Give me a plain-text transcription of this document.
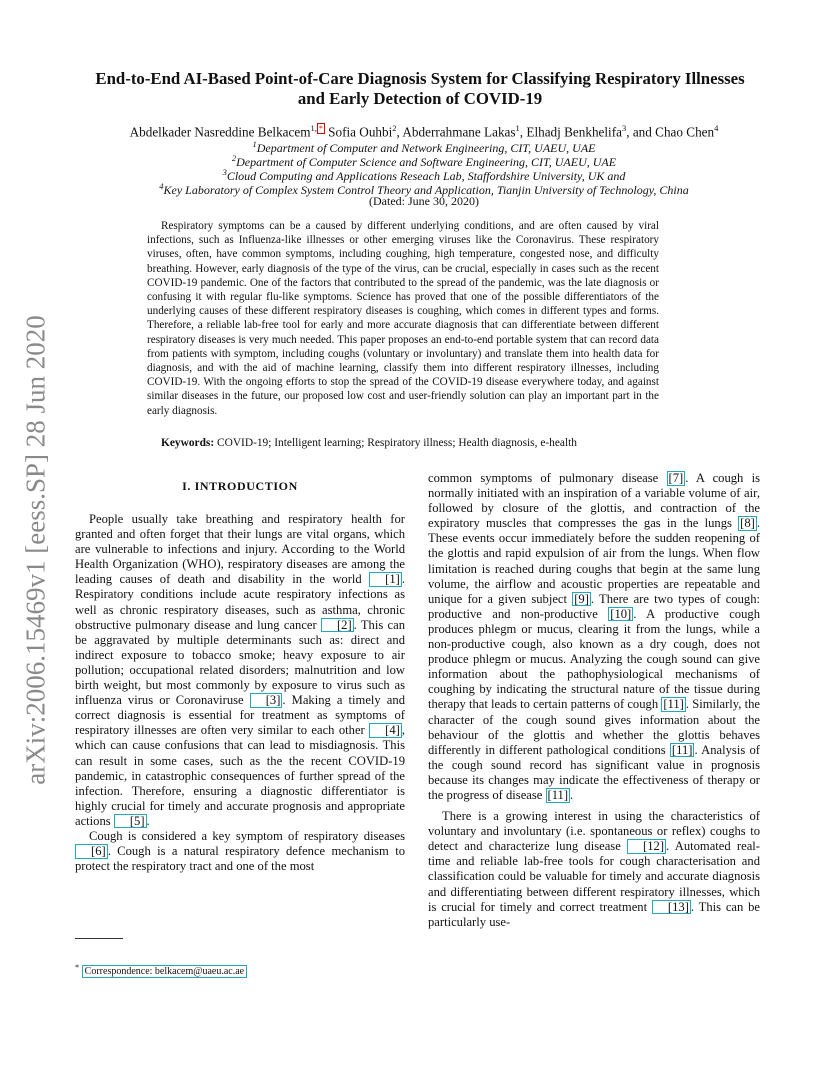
arXiv:2006.15469v1 [eess.SP] 28 Jun 2020
End-to-End AI-Based Point-of-Care Diagnosis System for Classifying Respiratory Illnesses and Early Detection of COVID-19
Abdelkader Nasreddine Belkacem$^{1,}$ * Sofia Ouhbi$^2$, Abderrahmane Lakas$^1$, Elhadj Benkhelifa$^3$, and Chao Chen$^4$
$^1$Department of Computer and Network Engineering, CIT, UAEU, UAE
$^2$Department of Computer Science and Software Engineering, CIT, UAEU, UAE
$^3$Cloud Computing and Applications Reseach Lab, Staffordshire University, UK and
$^4$Key Laboratory of Complex System Control Theory and Application, Tianjin University of Technology, China
(Dated: June 30, 2020)
Respiratory symptoms can be a caused by different underlying conditions, and are often caused by viral infections, such as Influenza-like illnesses or other emerging viruses like the Coronavirus. These respiratory viruses, often, have common symptoms, including coughing, high temperature, congested nose, and difficulty breathing. However, early diagnosis of the type of the virus, can be crucial, especially in cases such as the recent COVID-19 pandemic. One of the factors that contributed to the spread of the pandemic, was the late diagnosis or confusing it with regular flu-like symptoms. Science has proved that one of the possible differentiators of the underlying causes of these different respiratory diseases is coughing, which comes in different types and forms. Therefore, a reliable lab-free tool for early and more accurate diagnosis that can differentiate between different respiratory diseases is very much needed. This paper proposes an end-to-end portable system that can record data from patients with symptom, including coughs (voluntary or involuntary) and translate them into health data for diagnosis, and with the aid of machine learning, classify them into different respiratory illnesses, including COVID-19. With the ongoing efforts to stop the spread of the COVID-19 disease everywhere today, and against similar diseases in the future, our proposed low cost and user-friendly solution can play an important part in the early diagnosis.
Keywords: COVID-19; Intelligent learning; Respiratory illness; Health diagnosis, e-health
I. INTRODUCTION

People usually take breathing and respiratory health for granted and often forget that their lungs are vital organs, which are vulnerable to infections and injury. According to the World Health Organization (WHO), respiratory diseases are among the leading causes of death and disability in the world [1] . Respiratory conditions include acute respiratory infections as well as chronic respiratory diseases, such as asthma, chronic obstructive pulmonary disease and lung cancer [2] . This can be aggravated by multiple determinants such as: direct and indirect exposure to tobacco smoke; heavy exposure to air pollution; occupational related disorders; malnutrition and low birth weight, but most commonly by exposure to virus such as influenza virus or Coronaviruse [3] . Making a timely and correct diagnosis is essential for treatment as symptoms of respiratory illnesses are often very similar to each other [4] , which can cause confusions that can lead to misdiagnosis. This can result in some cases, such as the the recent COVID-19 pandemic, in catastrophic consequences of further spread of the infection. Therefore, ensuring a diagnostic differentiator is highly crucial for timely and accurate prognosis and appropriate actions [5] .

Cough is considered a key symptom of respiratory diseases [6] . Cough is a natural respiratory defence mechanism to protect the respiratory tract and one of the most

common symptoms of pulmonary disease [7] . A cough is normally initiated with an inspiration of a variable volume of air, followed by closure of the glottis, and contraction of the expiratory muscles that compresses the gas in the lungs [8] . These events occur immediately before the sudden reopening of the glottis and rapid expulsion of air from the lungs. When flow limitation is reached during coughs that begin at the same lung volume, the airflow and acoustic properties are repeatable and unique for a given subject [9] . There are two types of cough: productive and non-productive [10] . A productive cough produces phlegm or mucus, clearing it from the lungs, while a non-productive cough, also known as a dry cough, does not produce phlegm or mucus. Analyzing the cough sound can give information about the pathophysiological mechanisms of coughing by indicating the structural nature of the tissue during therapy that leads to certain patterns of cough [11] . Similarly, the character of the cough sound gives information about the behaviour of the glottis and whether the glottis behaves differently in different pathological conditions [11] . Analysis of the cough sound record has significant value in prognosis because its changes may indicate the effectiveness of therapy or the progress of disease [11] .

There is a growing interest in using the characteristics of voluntary and involuntary (i.e. spontaneous or reflex) coughs to detect and characterize lung disease [12] . Automated real-time and reliable lab-free tools for cough characterisation and classification could be valuable for timely and accurate diagnosis and differentiating between different respiratory illnesses, which is crucial for timely and correct treatment [13] . This can be particularly use-

* Correspondence: belkacem@uaeu.ac.ae
